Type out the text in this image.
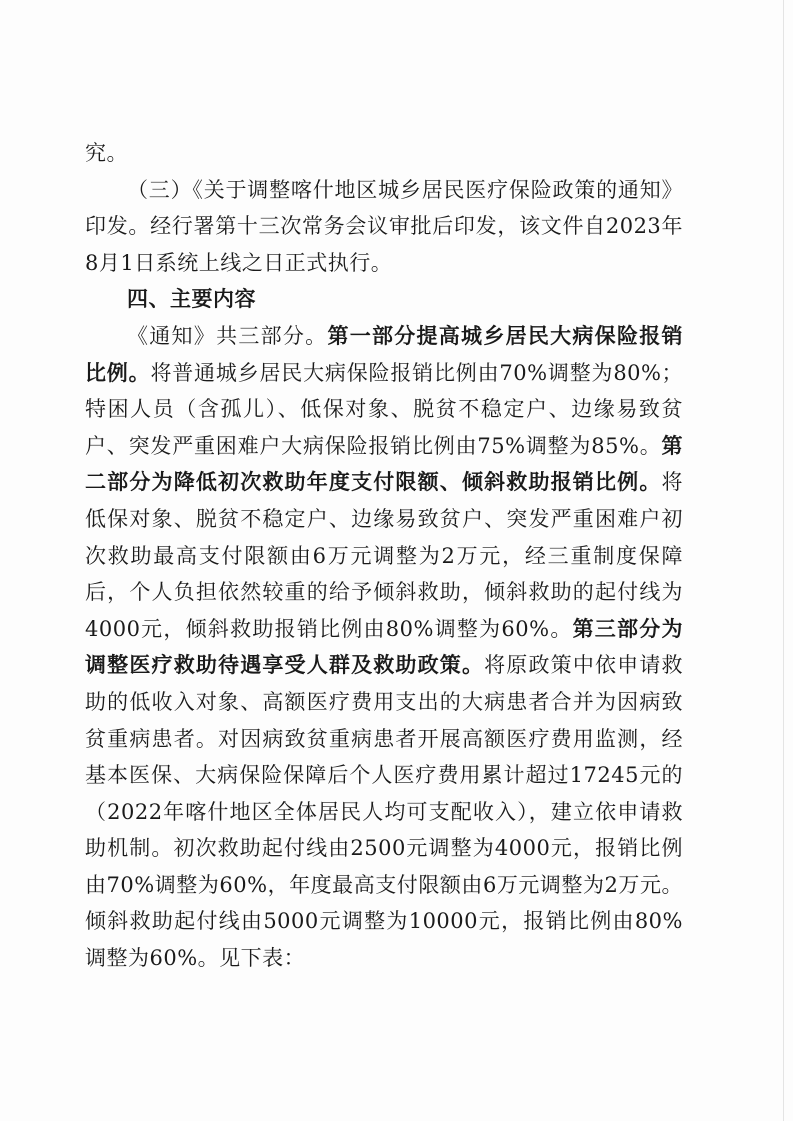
究。

（三）《关于调整喀什地区城乡居民医疗保险政策的通知》印发。经行署第十三次常务会议审批后印发，该文件自2023年8月1日系统上线之日正式执行。

四、主要内容

《通知》共三部分。第一部分提高城乡居民大病保险报销比例。将普通城乡居民大病保险报销比例由70%调整为80%；特困人员（含孤儿）、低保对象、脱贫不稳定户、边缘易致贫户、突发严重困难户大病保险报销比例由75%调整为85%。第二部分为降低初次救助年度支付限额、倾斜救助报销比例。将低保对象、脱贫不稳定户、边缘易致贫户、突发严重困难户初次救助最高支付限额由6万元调整为2万元，经三重制度保障后，个人负担依然较重的给予倾斜救助，倾斜救助的起付线为4000元，倾斜救助报销比例由80%调整为60%。第三部分为调整医疗救助待遇享受人群及救助政策。将原政策中依申请救助的低收入对象、高额医疗费用支出的大病患者合并为因病致贫重病患者。对因病致贫重病患者开展高额医疗费用监测，经基本医保、大病保险保障后个人医疗费用累计超过17245元的（2022年喀什地区全体居民人均可支配收入），建立依申请救助机制。初次救助起付线由2500元调整为4000元，报销比例由70%调整为60%，年度最高支付限额由6万元调整为2万元。倾斜救助起付线由5000元调整为10000元，报销比例由80%调整为60%。见下表：
